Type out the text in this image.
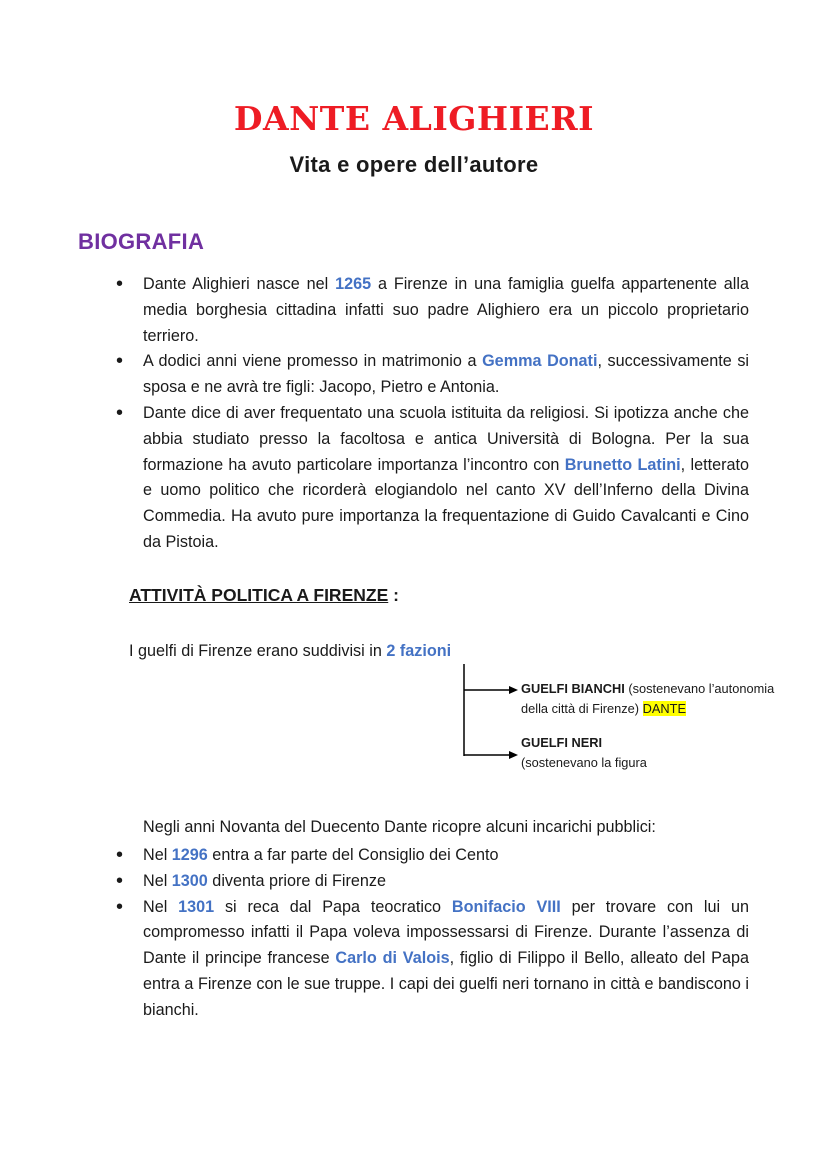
DANTE ALIGHIERI
Vita e opere dell’autore
BIOGRAFIA
• Dante Alighieri nasce nel 1265 a Firenze in una famiglia guelfa appartenente alla media borghesia cittadina infatti suo padre Alighiero era un piccolo proprietario terriero.
• A dodici anni viene promesso in matrimonio a Gemma Donati, successivamente si sposa e ne avrà tre figli: Jacopo, Pietro e Antonia.
• Dante dice di aver frequentato una scuola istituita da religiosi. Si ipotizza anche che abbia studiato presso la facoltosa e antica Università di Bologna. Per la sua formazione ha avuto particolare importanza l’incontro con Brunetto Latini, letterato e uomo politico che ricorderà elogiandolo nel canto XV dell’Inferno della Divina Commedia. Ha avuto pure importanza la frequentazione di Guido Cavalcanti e Cino da Pistoia.
ATTIVITÀ POLITICA A FIRENZE :
I guelfi di Firenze erano suddivisi in 2 fazioni
GUELFI BIANCHI (sostenevano l’autonomia della città di Firenze) DANTE
GUELFI NERI
(sostenevano la figura
Negli anni Novanta del Duecento Dante ricopre alcuni incarichi pubblici:
• Nel 1296 entra a far parte del Consiglio dei Cento
• Nel 1300 diventa priore di Firenze
• Nel 1301 si reca dal Papa teocratico Bonifacio VIII per trovare con lui un compromesso infatti il Papa voleva impossessarsi di Firenze. Durante l’assenza di Dante il principe francese Carlo di Valois, figlio di Filippo il Bello, alleato del Papa entra a Firenze con le sue truppe. I capi dei guelfi neri tornano in città e bandiscono i bianchi.
